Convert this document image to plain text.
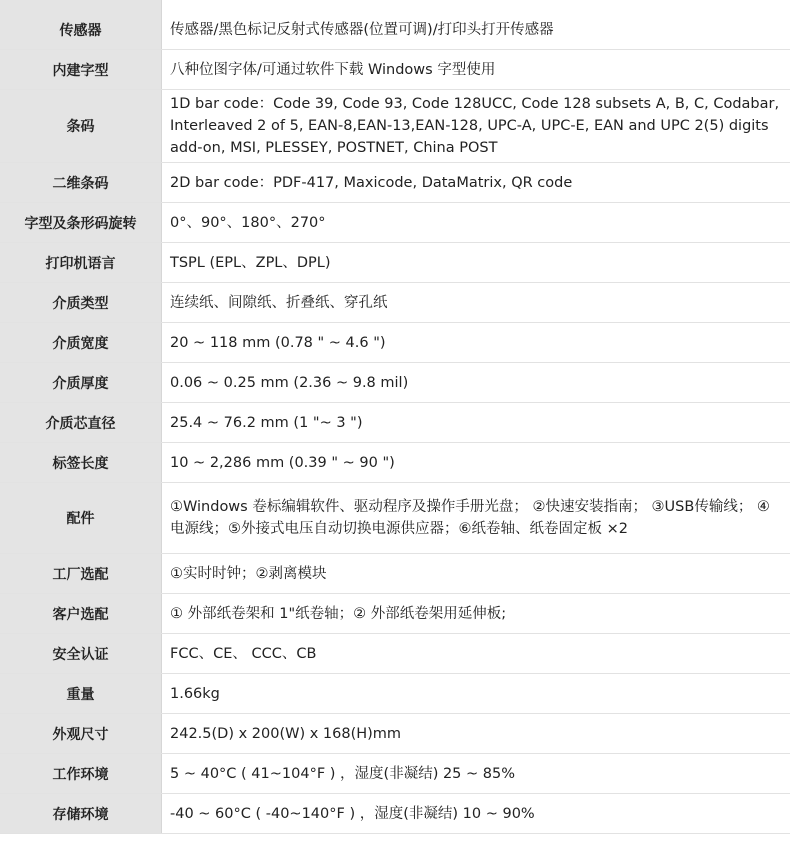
传感器	传感器/黑色标记反射式传感器(位置可调)/打印头打开传感器
内建字型	八种位图字体/可通过软件下载 Windows 字型使用
条码	1D bar code：Code 39, Code 93, Code 128UCC, Code 128 subsets A, B, C, Codabar, Interleaved 2 of 5, EAN-8,EAN-13,EAN-128, UPC-A, UPC-E, EAN and UPC 2(5) digits add-on, MSI, PLESSEY, POSTNET, China POST
二维条码	2D bar code：PDF-417, Maxicode, DataMatrix, QR code
字型及条形码旋转	0°、90°、180°、270°
打印机语言	TSPL (EPL、ZPL、DPL)
介质类型	连续纸、间隙纸、折叠纸、穿孔纸
介质宽度	20 ~ 118 mm (0.78 " ~ 4.6 ")
介质厚度	0.06 ~ 0.25 mm (2.36 ~ 9.8 mil)
介质芯直径	25.4 ~ 76.2 mm (1 "~ 3 ")
标签长度	10 ~ 2,286 mm (0.39 " ~ 90 ")
配件	①Windows 卷标编辑软件、驱动程序及操作手册光盘； ②快速安装指南； ③USB传输线； ④电源线；⑤外接式电压自动切换电源供应器；⑥纸卷轴、纸卷固定板 ×2
工厂选配	①实时时钟；②剥离模块
客户选配	① 外部纸卷架和 1"纸卷轴；② 外部纸卷架用延伸板;
安全认证	FCC、CE、 CCC、CB
重量	1.66kg
外观尺寸	242.5(D) x 200(W) x 168(H)mm
工作环境	5 ~ 40°C ( 41~104°F ) ，湿度(非凝结) 25 ~ 85%
存储环境	-40 ~ 60°C ( -40~140°F ) ，湿度(非凝结) 10 ~ 90%
